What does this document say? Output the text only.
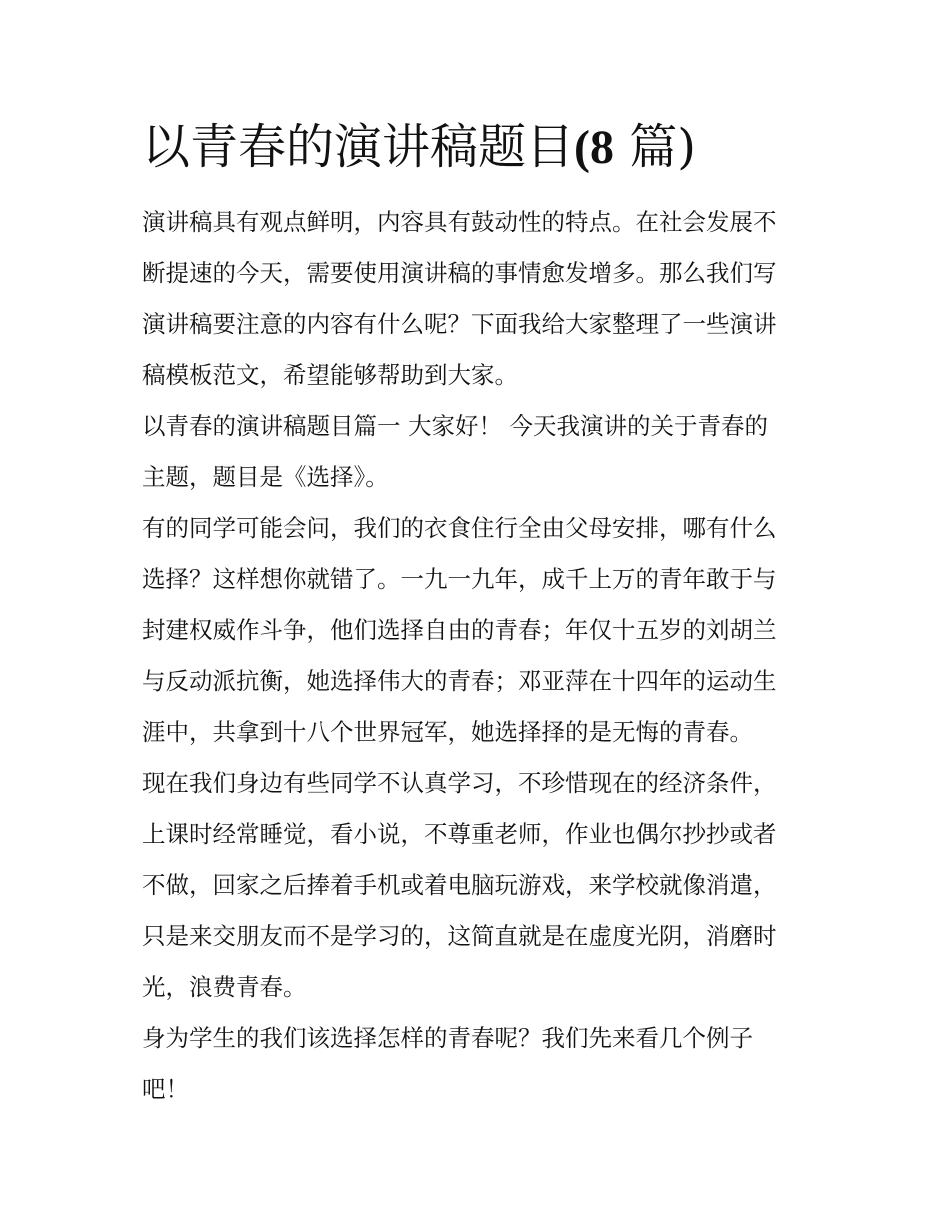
以青春的演讲稿题目(8 篇)

演讲稿具有观点鲜明，内容具有鼓动性的特点。在社会发展不

断提速的今天，需要使用演讲稿的事情愈发增多。那么我们写

演讲稿要注意的内容有什么呢？下面我给大家整理了一些演讲

稿模板范文，希望能够帮助到大家。

以青春的演讲稿题目篇一 大家好！ 今天我演讲的关于青春的

主题，题目是《选择》。

有的同学可能会问，我们的衣食住行全由父母安排，哪有什么

选择？这样想你就错了。一九一九年，成千上万的青年敢于与

封建权威作斗争，他们选择自由的青春；年仅十五岁的刘胡兰

与反动派抗衡，她选择伟大的青春；邓亚萍在十四年的运动生

涯中，共拿到十八个世界冠军，她选择择的是无悔的青春。

现在我们身边有些同学不认真学习，不珍惜现在的经济条件，

上课时经常睡觉，看小说，不尊重老师，作业也偶尔抄抄或者

不做，回家之后捧着手机或着电脑玩游戏，来学校就像消遣，

只是来交朋友而不是学习的，这简直就是在虚度光阴，消磨时

光，浪费青春。

身为学生的我们该选择怎样的青春呢？我们先来看几个例子

吧！
